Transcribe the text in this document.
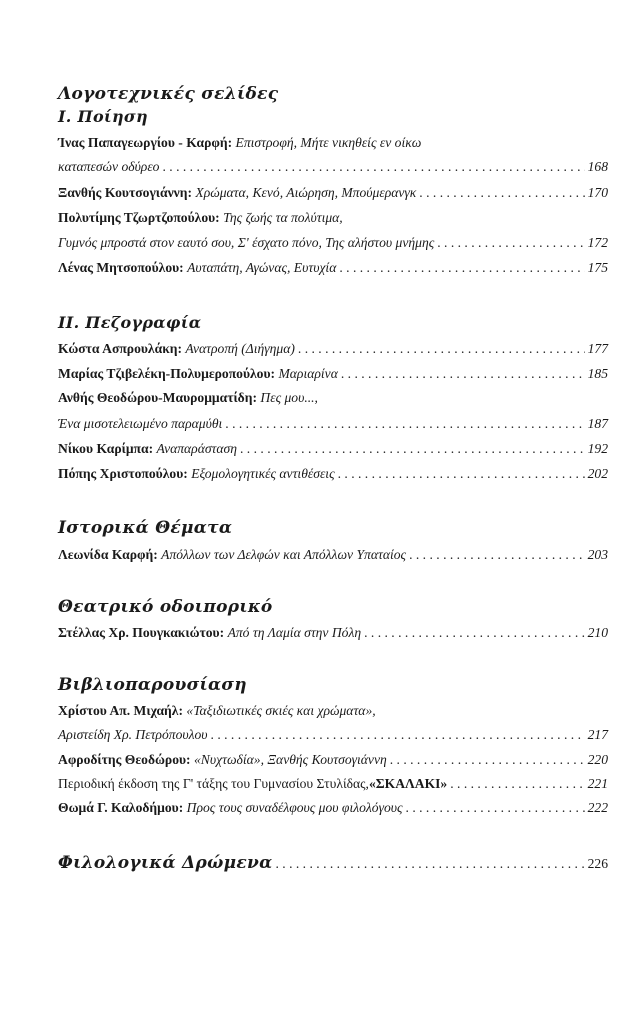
Λογοτεχνικές σελίδες
I. Ποίηση
Ίνας Παπαγεωργίου - Καρφή: Επιστροφή, Μήτε νικηθείς εν οίκω
καταπεσών οδύρεο . . .	168
Ξανθής Κουτσογιάννη:
Χρώματα, Κενό, Αιώρηση, Μπούμερανγκ . . .	170
Πολυτίμης Τζωρτζοπούλου: Της ζωής τα πολύτιμα,
Γυμνός μπροστά στον εαυτό σου, Σ' έσχατο πόνο, Της αλήστου μνήμης . . .	172
Λένας Μητσοπούλου:
Αυταπάτη, Αγώνας, Ευτυχία . . .	175
II. Πεζογραφία
Κώστα Ασπρουλάκη:
Ανατροπή (Διήγημα) . . .	177
Μαρίας Τζιβελέκη-Πολυμεροπούλου:
Μαριαρίνα . . .	185
Ανθής Θεοδώρου-Μαυρομματίδη: Πες μου...,
Ένα μισοτελειωμένο παραμύθι . . .	187
Νίκου Καρίμπα:
Αναπαράσταση . . .	192
Πόπης Χριστοπούλου:
Εξομολογητικές αντιθέσεις . . .	202
Ιστορικά Θέματα
Λεωνίδα Καρφή:
Απόλλων των Δελφών και Απόλλων Υπαταίος . . .	203
Θεατρικό οδοιπορικό
Στέλλας Χρ. Πουγκακιώτου:
Από τη Λαμία στην Πόλη . . .	210
Βιβλιοπαρουσίαση
Χρίστου Απ. Μιχαήλ: «Ταξιδιωτικές σκιές και χρώματα»,
Αριστείδη Χρ. Πετρόπουλου . . .	217
Αφροδίτης Θεοδώρου:
«Νυχτωδία», Ξανθής Κουτσογιάννη . . .	220
Περιοδική έκδοση της Γ' τάξης του Γυμνασίου Στυλίδας, «ΣΚΑΛΑΚΙ» . . .	221
Θωμά Γ. Καλοδήμου:
Προς τους συναδέλφους μου φιλολόγους . . .	222
Φιλολογικά Δρώμενα . . .	226
